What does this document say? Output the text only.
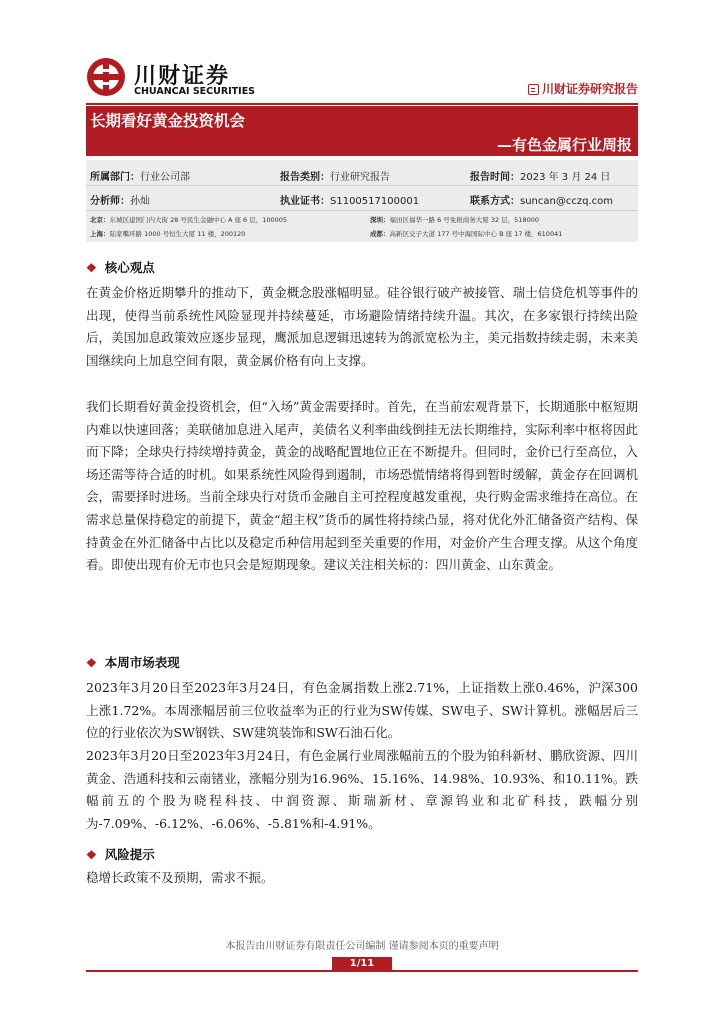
川财证券
CHUANCAI SECURITIES	川财证券研究报告
长期看好黄金投资机会
—有色金属行业周报
所属部门：行业公司部	报告类别：行业研究报告	报告时间：2023 年 3 月 24 日
分析师：孙灿	执业证书：S1100517100001	联系方式：suncan@cczq.com
北京：东城区建国门内大街 28 号民生金融中心 A 座 6 层，100005	深圳：福田区福华一路 6 号免税商务大厦 32 层，518000
上海：陆家嘴环路 1000 号恒生大厦 11 楼，200120	成都：高新区交子大道 177 号中海国际中心 B 座 17 楼，610041
❖ 核心观点
在黄金价格近期攀升的推动下，黄金概念股涨幅明显。硅谷银行破产被接管、瑞士信贷危机等事件的出现，使得当前系统性风险显现并持续蔓延，市场避险情绪持续升温。其次，在多家银行持续出险后，美国加息政策效应逐步显现，鹰派加息逻辑迅速转为鸽派宽松为主，美元指数持续走弱，未来美国继续向上加息空间有限，黄金属价格有向上支撑。
我们长期看好黄金投资机会，但“入场”黄金需要择时。首先，在当前宏观背景下，长期通胀中枢短期内难以快速回落；美联储加息进入尾声，美债名义利率曲线倒挂无法长期维持，实际利率中枢将因此而下降；全球央行持续增持黄金，黄金的战略配置地位正在不断提升。但同时，金价已行至高位，入场还需等待合适的时机。如果系统性风险得到遏制，市场恐慌情绪将得到暂时缓解，黄金存在回调机会，需要择时进场。当前全球央行对货币金融自主可控程度越发重视，央行购金需求维持在高位。在需求总量保持稳定的前提下，黄金“超主权”货币的属性将持续凸显，将对优化外汇储备资产结构、保持黄金在外汇储备中占比以及稳定币种信用起到至关重要的作用，对金价产生合理支撑。从这个角度看。即使出现有价无市也只会是短期现象。建议关注相关标的：四川黄金、山东黄金。
❖ 本周市场表现
2023年3月20日至2023年3月24日，有色金属指数上涨2.71%，上证指数上涨0.46%，沪深300上涨1.72%。本周涨幅居前三位收益率为正的行业为SW传媒、SW电子、SW计算机。涨幅居后三位的行业依次为SW钢铁、SW建筑装饰和SW石油石化。
2023年3月20日至2023年3月24日，有色金属行业周涨幅前五的个股为铂科新材、鹏欣资源、四川黄金、浩通科技和云南锗业，涨幅分别为16.96%、15.16%、14.98%、10.93%、和10.11%。跌幅前五的个股为晓程科技、中润资源、斯瑞新材、章源钨业和北矿科技，跌幅分别为-7.09%、-6.12%、-6.06%、-5.81%和-4.91%。
❖ 风险提示
稳增长政策不及预期，需求不振。
本报告由川财证券有限责任公司编制 谨请参阅本页的重要声明
1/11
